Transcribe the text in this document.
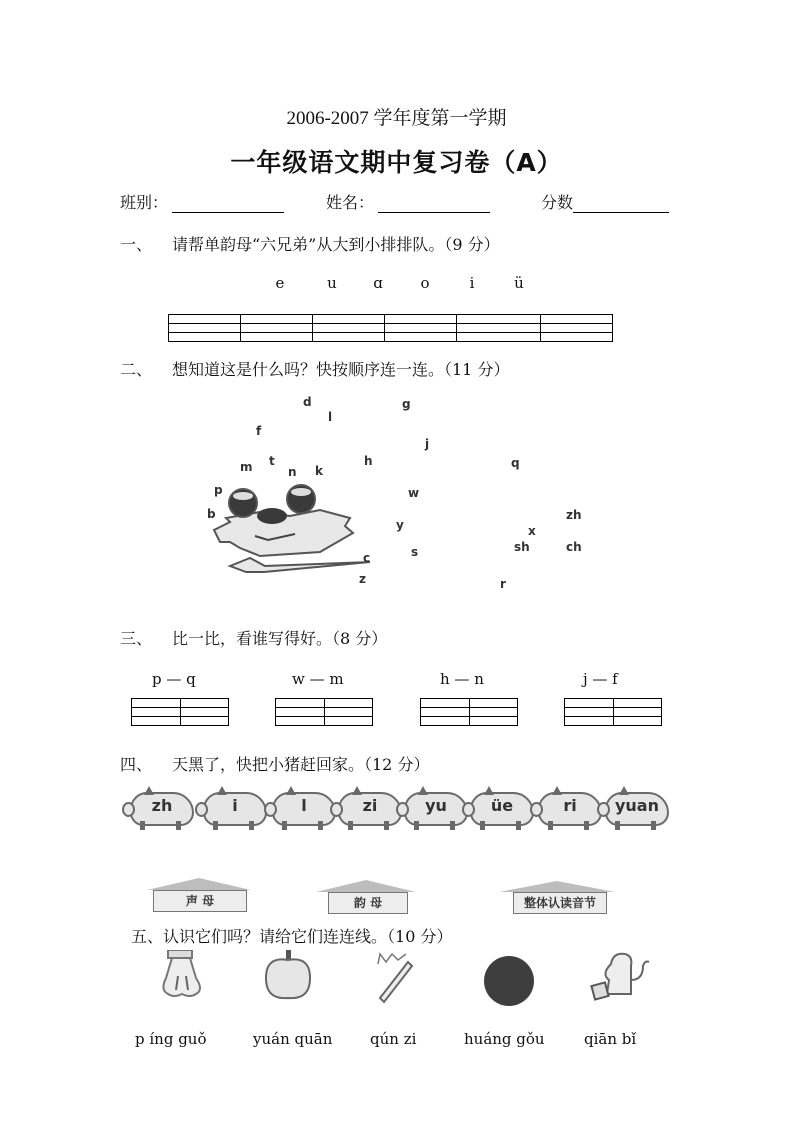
2006-2007 学年度第一学期
一年级语文期中复习卷（A）
班别：	姓名：	分数
一、 请帮单韵母“六兄弟”从大到小排排队。（9 分）
e	u	ɑ	o	i	ü

二、 想知道这是什么吗？快按顺序连一连。（11 分）
d
l
g
f
j
t
m	n k
h	q
p	w
b
y
zh
x
c	s	sh	ch
z	r
三、 比一比，看谁写得好。（8 分）
p — q	w — m	h — n	j — f

四、 天黑了，快把小猪赶回家。（12 分）
zh	i	l	zi	yu	üe	ri	yuan
声 母	韵 母	整体认读音节
五、认识它们吗？请给它们连连线。（10 分）
p íng guǒ	yuán quān	qún zi	huáng gǒu	qiān bǐ
